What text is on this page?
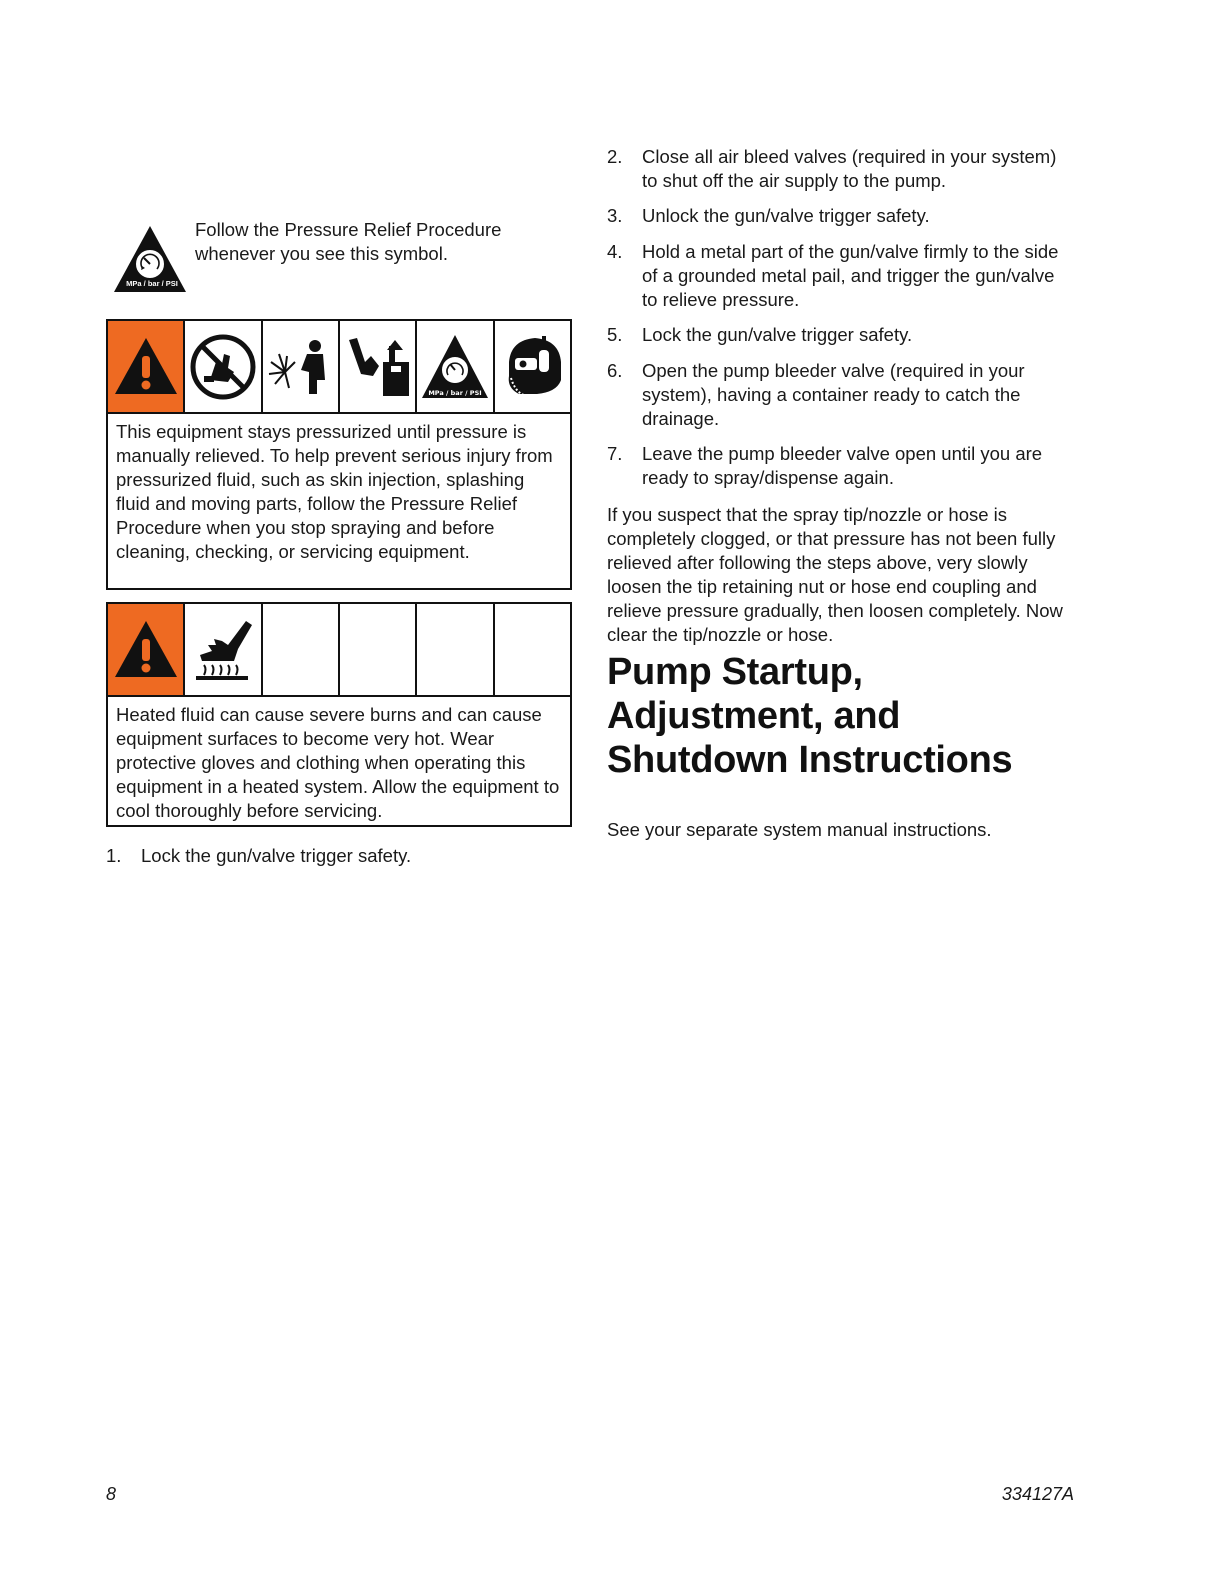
MPa / bar / PSI
Follow the Pressure Relief Procedure whenever you see this symbol.
MPa / bar / PSI
This equipment stays pressurized until pressure is manually relieved. To help prevent serious injury from pressurized fluid, such as skin injection, splashing fluid and moving parts, follow the Pressure Relief Procedure when you stop spraying and before cleaning, checking, or servicing equipment.
Heated fluid can cause severe burns and can cause equipment surfaces to become very hot. Wear protective gloves and clothing when operating this equipment in a heated system. Allow the equipment to cool thoroughly before servicing.
1. Lock the gun/valve trigger safety.
2. Close all air bleed valves (required in your system) to shut off the air supply to the pump.
3. Unlock the gun/valve trigger safety.
4. Hold a metal part of the gun/valve firmly to the side of a grounded metal pail, and trigger the gun/valve to relieve pressure.
5. Lock the gun/valve trigger safety.
6. Open the pump bleeder valve (required in your system), having a container ready to catch the drainage.
7. Leave the pump bleeder valve open until you are ready to spray/dispense again.
If you suspect that the spray tip/nozzle or hose is completely clogged, or that pressure has not been fully relieved after following the steps above, very slowly loosen the tip retaining nut or hose end coupling and relieve pressure gradually, then loosen completely. Now clear the tip/nozzle or hose.
Pump Startup, Adjustment, and Shutdown Instructions
See your separate system manual instructions.
8	334127A
